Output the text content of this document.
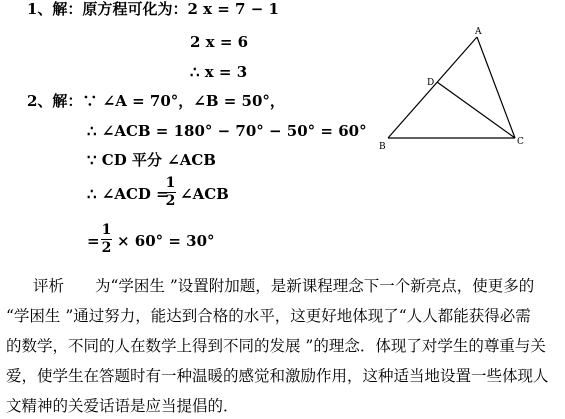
1、解：原方程可化为：2 x = 7 − 1
2 x = 6
∴ x = 3
2、解：∵ ∠A = 70°，∠B = 50°，
∴ ∠ACB = 180° − 70° − 50° = 60°
∵ CD 平分 ∠ACB
∴ ∠ACD =
1
2 ∠ACB
=
1
2 × 60° = 30°
A
B	C
D
评析　　为“学困生 ”设置附加题，是新课程理念下一个新亮点，使更多的
“学困生 ”通过努力，能达到合格的水平，这更好地体现了“人人都能获得必需
的数学，不同的人在数学上得到不同的发展 ”的理念．体现了对学生的尊重与关
爱，使学生在答题时有一种温暖的感觉和激励作用，这种适当地设置一些体现人
文精神的关爱话语是应当提倡的．
